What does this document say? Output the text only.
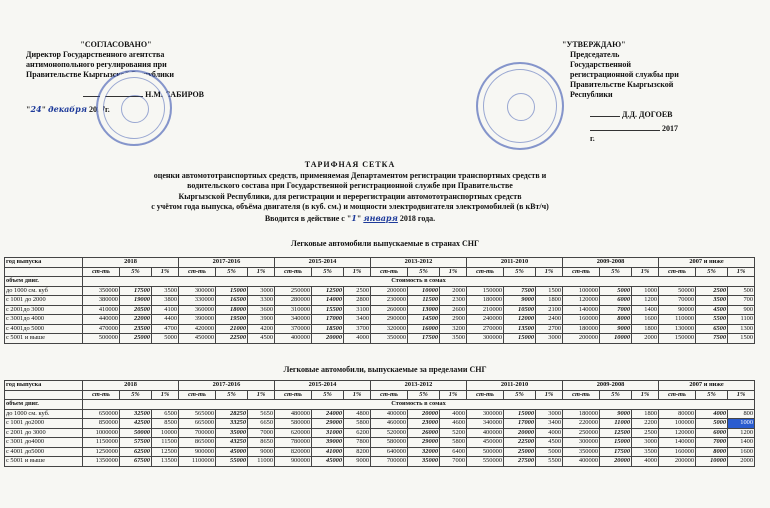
"СОГЛАСОВАНО"
Директор Государственного агентства
антимонопольного регулирования при
Правительстве Кыргызской Республики
Н.М. САБИРОВ
"24" декабря 2017г.
"УТВЕРЖДАЮ"
Председатель Государственной
регистрационной службы при
Правительстве Кыргызской Республики
Д.Д. ДОГОЕВ
2017 г.
ТАРИФНАЯ СЕТКА
оценки автомототранспортных средств, применяемая Департаментом регистрации транспортных средств и
водительского состава при Государственной регистрационной службе при Правительстве
Кыргызской Республики, для регистрации и перерегистрации автомототранспортных средств
с учётом года выпуска, объёма двигателя (в куб. см.) и мощности электродвигателя электромобилей (в кВт/ч)
Вводится в действие с "1" января 2018 года.
Легковые автомобили выпускаемые в странах СНГ
год выпуска	2018			2017-2016			2015-2014			2013-2012			2011-2010			2009-2008			2007 и ниже		
	ст-ть	5%	1%	ст-ть	5%	1%	ст-ть	5%	1%	ст-ть	5%	1%	ст-ть	5%	1%	ст-ть	5%	1%	ст-ть	5%	1%
объем двиг.	Стоимость в сомах																				
до 1000 см. куб	350000	17500	3500	300000	15000	3000	250000	12500	2500	200000	10000	2000	150000	7500	1500	100000	5000	1000	50000	2500	500
с 1001 до 2000	380000	19000	3800	330000	16500	3300	280000	14000	2800	230000	11500	2300	180000	9000	1800	120000	6000	1200	70000	3500	700
с 2001до 3000	410000	20500	4100	360000	18000	3600	310000	15500	3100	260000	13000	2600	210000	10500	2100	140000	7000	1400	90000	4500	900
с 3001до 4000	440000	22000	4400	390000	19500	3900	340000	17000	3400	290000	14500	2900	240000	12000	2400	160000	8000	1600	110000	5500	1100
с 4001до 5000	470000	23500	4700	420000	21000	4200	370000	18500	3700	320000	16000	3200	270000	13500	2700	180000	9000	1800	130000	6500	1300
с 5001 и выше	500000	25000	5000	450000	22500	4500	400000	20000	4000	350000	17500	3500	300000	15000	3000	200000	10000	2000	150000	7500	1500
Легковые автомобили, выпускаемые за пределами СНГ
год выпуска	2018			2017-2016			2015-2014			2013-2012			2011-2010			2009-2008			2007 и ниже		
	ст-ть	5%	1%	ст-ть	5%	1%	ст-ть	5%	1%	ст-ть	5%	1%	ст-ть	5%	1%	ст-ть	5%	1%	ст-ть	5%	1%
объем двиг.	Стоимость в сомах																				
до 1000 см. куб.	650000	32500	6500	565000	28250	5650	480000	24000	4800	400000	20000	4000	300000	15000	3000	180000	9000	1800	80000	4000	800
с 1001 до2000	850000	42500	8500	665000	33250	6650	580000	29000	5800	460000	23000	4600	340000	17000	3400	220000	11000	2200	100000	5000	1000
с 2001 до 3000	1000000	50000	10000	700000	35000	7000	620000	31000	6200	520000	26000	5200	400000	20000	4000	250000	12500	2500	120000	6000	1200
с 3001 до4000	1150000	57500	11500	865000	43250	8650	780000	39000	7800	580000	29000	5800	450000	22500	4500	300000	15000	3000	140000	7000	1400
с 4001 до5000	1250000	62500	12500	900000	45000	9000	820000	41000	8200	640000	32000	6400	500000	25000	5000	350000	17500	3500	160000	8000	1600
с 5001 и выше	1350000	67500	13500	1100000	55000	11000	900000	45000	9000	700000	35000	7000	550000	27500	5500	400000	20000	4000	200000	10000	2000
